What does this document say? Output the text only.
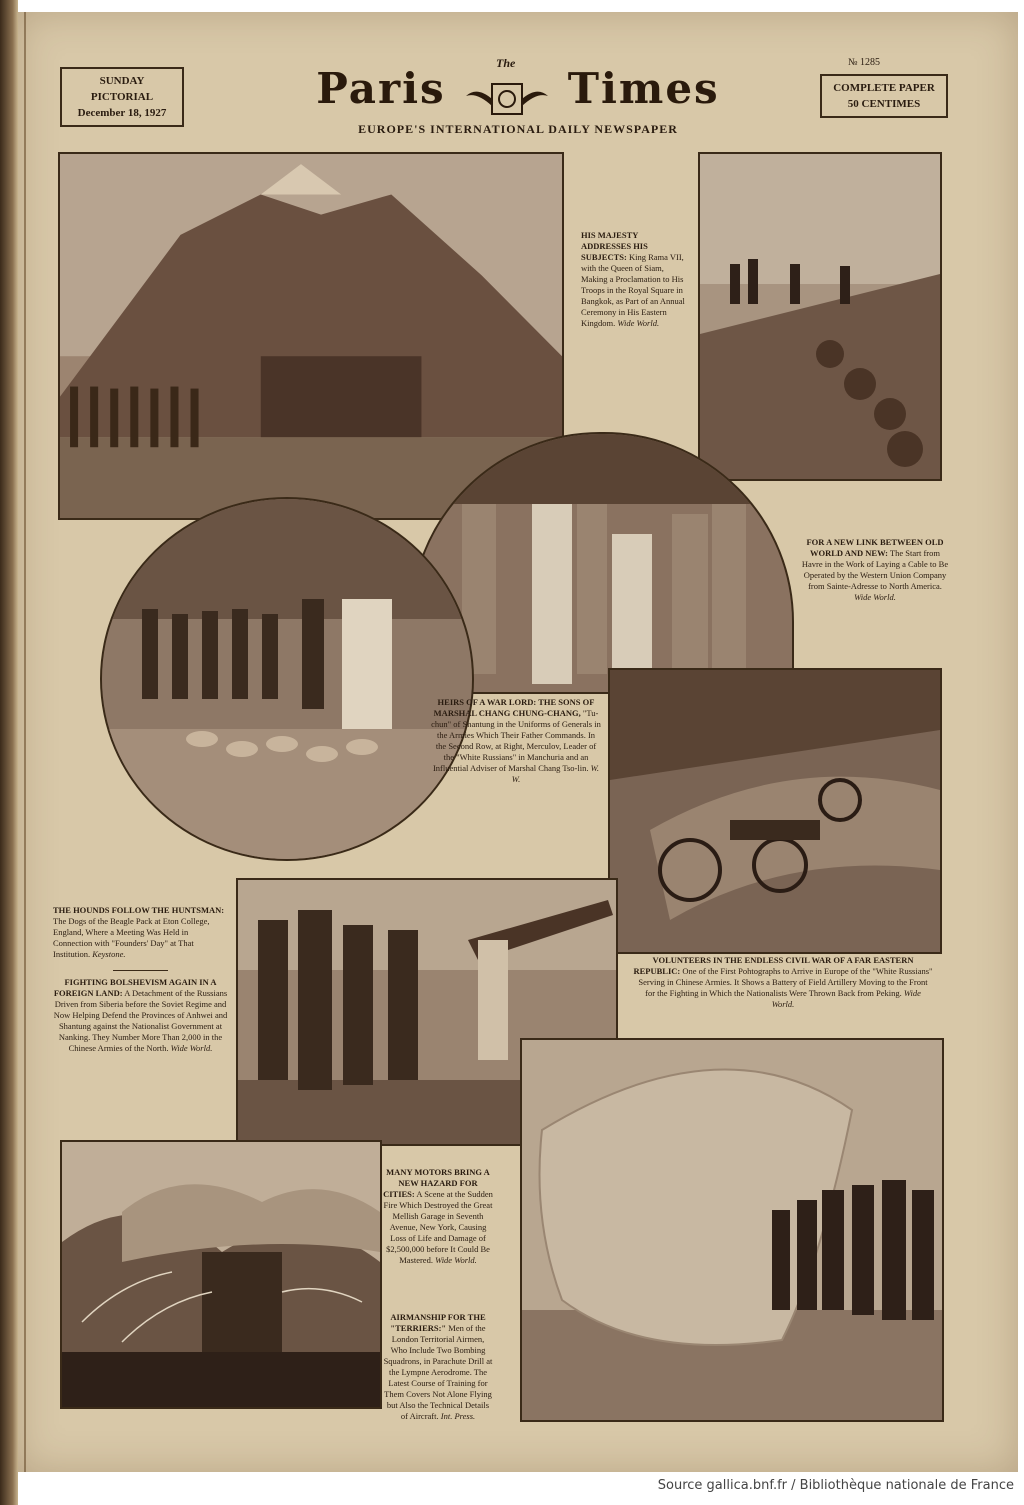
SUNDAY PICTORIAL
December 18, 1927
The
Paris	Times
EUROPE'S INTERNATIONAL DAILY NEWSPAPER
№ 1285
COMPLETE PAPER
50 CENTIMES
HIS MAJESTY ADDRESSES HIS SUBJECTS: King Rama VII, with the Queen of Siam, Making a Proclamation to His Troops in the Royal Square in Bangkok, as Part of an Annual Ceremony in His Eastern Kingdom. Wide World.
FOR A NEW LINK BETWEEN OLD WORLD AND NEW: The Start from Havre in the Work of Laying a Cable to Be Operated by the Western Union Company from Sainte-Adresse to North America. Wide World.
HEIRS OF A WAR LORD: THE SONS OF MARSHAL CHANG CHUNG-CHANG, "Tu-chun" of Shantung in the Uniforms of Generals in the Armies Which Their Father Commands. In the Second Row, at Right, Merculov, Leader of the "White Russians" in Manchuria and an Influential Adviser of Marshal Chang Tso-lin. W. W.
THE HOUNDS FOLLOW THE HUNTSMAN: The Dogs of the Beagle Pack at Eton College, England, Where a Meeting Was Held in Connection with "Founders' Day" at That Institution. Keystone.
FIGHTING BOLSHEVISM AGAIN IN A FOREIGN LAND: A Detachment of the Russians Driven from Siberia before the Soviet Regime and Now Helping Defend the Provinces of Anhwei and Shantung against the Nationalist Government at Nanking. They Number More Than 2,000 in the Chinese Armies of the North. Wide World.
VOLUNTEERS IN THE ENDLESS CIVIL WAR OF A FAR EASTERN REPUBLIC: One of the First Pohtographs to Arrive in Europe of the "White Russians" Serving in Chinese Armies. It Shows a Battery of Field Artillery Moving to the Front for the Fighting in Which the Nationalists Were Thrown Back from Peking. Wide World.
MANY MOTORS BRING A NEW HAZARD FOR CITIES: A Scene at the Sudden Fire Which Destroyed the Great Mellish Garage in Seventh Avenue, New York, Causing Loss of Life and Damage of $2,500,000 before It Could Be Mastered. Wide World.
AIRMANSHIP FOR THE "TERRIERS:" Men of the London Territorial Airmen, Who Include Two Bombing Squadrons, in Parachute Drill at the Lympne Aerodrome. The Latest Course of Training for Them Covers Not Alone Flying but Also the Technical Details of Aircraft. Int. Press.
Source gallica.bnf.fr / Bibliothèque nationale de France
